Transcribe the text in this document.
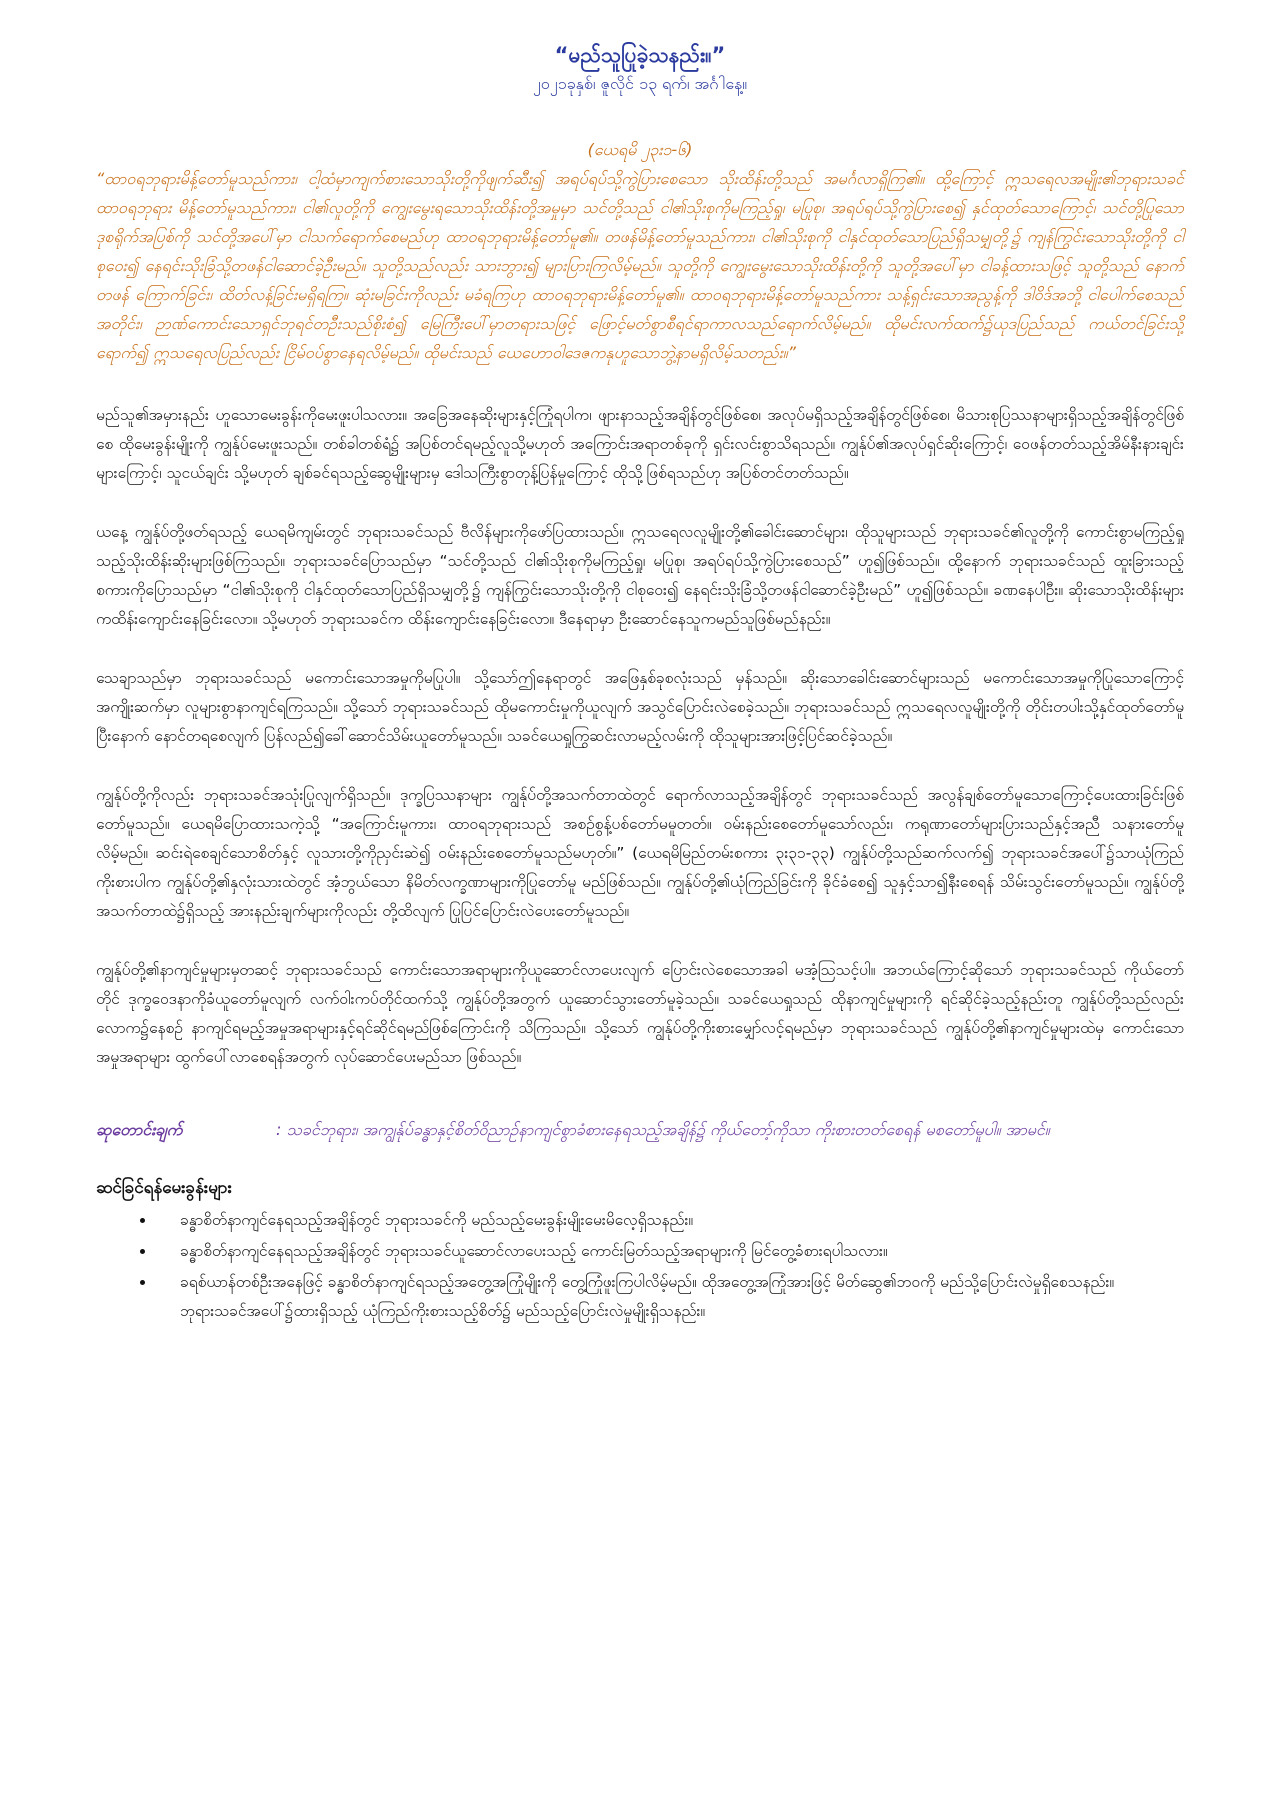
“မည်သူပြုခဲ့သနည်း။”
၂၀၂၁ခုနှစ်၊ ဇူလိုင် ၁၃ ရက်၊ အင်္ဂါနေ့။
(ယေရမိ ၂၃း၁-၆)

“ထာဝရဘုရားမိန့်တော်မူသည်ကား၊ ငါ့ထံမှာကျက်စားသောသိုးတို့ကိုဖျက်ဆီး၍ အရပ်ရပ်သို့ကွဲပြားစေသော သိုးထိန်းတို့သည် အမင်္ဂလာရှိကြ၏။ ထို့ကြောင့် ဣသရေလအမျိုး၏ဘုရားသခင်ထာဝရဘုရား မိန့်တော်မူသည်ကား၊ ငါ၏လူတို့ကို ကျွေးမွေးရသောသိုးထိန်းတို့အမှုမှာ သင်တို့သည် ငါ၏သိုးစုကိုမကြည့်ရှု၊ မပြုစု၊ အရပ်ရပ်သို့ကွဲပြားစေ၍ နှင်ထုတ်သောကြောင့်၊ သင်တို့ပြုသောဒုစရိုက်အပြစ်ကို သင်တို့အပေါ်မှာ ငါသက်ရောက်စေမည်ဟု ထာဝရဘုရားမိန့်တော်မူ၏။ တဖန်မိန့်တော်မူသည်ကား၊ ငါ၏သိုးစုကို ငါနှင်ထုတ်သောပြည်ရှိသမျှတို့၌ ကျန်ကြွင်းသောသိုးတို့ကို ငါစုဝေး၍ နေရင်းသိုးခြံသို့တဖန်ငါဆောင်ခဲ့ဦးမည်။ သူတို့သည်လည်း သားဘွား၍ များပြားကြလိမ့်မည်။ သူတို့ကို ကျွေးမွေးသောသိုးထိန်းတို့ကို သူတို့အပေါ်မှာ ငါခန့်ထားသဖြင့် သူတို့သည် နောက်တဖန် ကြောက်ခြင်း၊ ထိတ်လန့်ခြင်းမရှိရကြ။ ဆုံးမခြင်းကိုလည်း မခံရကြဟု ထာဝရဘုရားမိန့်တော်မူ၏။ ထာဝရဘုရားမိန့်တော်မူသည်ကား သန့်ရှင်းသောအညွန့်ကို ဒါဝိဒ်အဘို့ ငါပေါက်စေသည်အတိုင်း၊ ဉာဏ်ကောင်းသောရှင်ဘုရင်တဦးသည်စိုးစံ၍ မြေကြီးပေါ်မှာတရားသဖြင့် ဖြောင့်မတ်စွာစီရင်ရာကာလသည်ရောက်လိမ့်မည်။ ထိုမင်းလက်ထက်၌ယုဒပြည်သည် ကယ်တင်ခြင်းသို့ရောက်၍ ဣသရေလပြည်လည်း ငြိမ်ဝပ်စွာနေရလိမ့်မည်။ ထိုမင်းသည် ယေဟောဝါဒေဇကနုဟူသောဘွဲ့နာမရှိလိမ့်သတည်း။”

မည်သူ၏အမှားနည်း ဟူသောမေးခွန်းကိုမေးဖူးပါသလား။ အခြေအနေဆိုးများနှင့်ကြုံရပါက၊ ဖျားနာသည့်အချိန်တွင်ဖြစ်စေ၊ အလုပ်မရှိသည့်အချိန်တွင်ဖြစ်စေ၊ မိသားစုပြဿနာများရှိသည့်အချိန်တွင်ဖြစ်စေ ထိုမေးခွန်းမျိုးကို ကျွန်ုပ်မေးဖူးသည်။ တစ်ခါတစ်ရံ၌ အပြစ်တင်ရမည့်လူသို့မဟုတ် အကြောင်းအရာတစ်ခုကို ရှင်းလင်းစွာသိရသည်။ ကျွန်ုပ်၏အလုပ်ရှင်ဆိုးကြောင့်၊ ဝေဖန်တတ်သည့်အိမ်နီးနားချင်းများကြောင့်၊ သူငယ်ချင်း သို့မဟုတ် ချစ်ခင်ရသည့်ဆွေမျိုးများမှ ဒေါသကြီးစွာတုန့်ပြန်မှုကြောင့် ထိုသို့ဖြစ်ရသည်ဟု အပြစ်တင်တတ်သည်။

ယနေ့ ကျွန်ုပ်တို့ဖတ်ရသည့် ယေရမိကျမ်းတွင် ဘုရားသခင်သည် ဗီလိန်များကိုဖော်ပြထားသည်။ ဣသရေလလူမျိုးတို့၏ခေါင်းဆောင်များ၊ ထိုသူများသည် ဘုရားသခင်၏လူတို့ကို ကောင်းစွာမကြည့်ရှုသည့်သိုးထိန်းဆိုးများဖြစ်ကြသည်။ ဘုရားသခင်ပြောသည်မှာ “သင်တို့သည် ငါ၏သိုးစုကိုမကြည့်ရှု၊ မပြုစု၊ အရပ်ရပ်သို့ကွဲပြားစေသည်” ဟူ၍ဖြစ်သည်။ ထို့နောက် ဘုရားသခင်သည် ထူးခြားသည့်စကားကိုပြောသည်မှာ “ငါ၏သိုးစုကို ငါနှင်ထုတ်သောပြည်ရှိသမျှတို့၌ ကျန်ကြွင်းသောသိုးတို့ကို ငါစုဝေး၍ နေရင်းသိုးခြံသို့တဖန်ငါဆောင်ခဲ့ဦးမည်” ဟူ၍ဖြစ်သည်။ ခဏနေပါဦး။ ဆိုးသောသိုးထိန်းများကထိန်းကျောင်းနေခြင်းလော။ သို့မဟုတ် ဘုရားသခင်က ထိန်းကျောင်းနေခြင်းလော။ ဒီနေရာမှာ ဦးဆောင်နေသူကမည်သူဖြစ်မည်နည်း။

သေချာသည်မှာ ဘုရားသခင်သည် မကောင်းသောအမှုကိုမပြုပါ။ သို့သော်ဤနေရာတွင် အဖြေနှစ်ခုစလုံးသည် မှန်သည်။ ဆိုးသောခေါင်းဆောင်များသည် မကောင်းသောအမှုကိုပြုသောကြောင့် အကျိုးဆက်မှာ လူများစွာနာကျင်ရကြသည်။ သို့သော် ဘုရားသခင်သည် ထိုမကောင်းမှုကိုယူလျက် အသွင်ပြောင်းလဲစေခဲ့သည်။ ဘုရားသခင်သည် ဣသရေလလူမျိုးတို့ကို တိုင်းတပါးသို့နှင်ထုတ်တော်မူပြီးနောက် နောင်တရစေလျက် ပြန်လည်၍ခေါ်ဆောင်သိမ်းယူတော်မူသည်။ သခင်ယေရှုကြွဆင်းလာမည့်လမ်းကို ထိုသူများအားဖြင့်ပြင်ဆင်ခဲ့သည်။

ကျွန်ုပ်တို့ကိုလည်း ဘုရားသခင်အသုံးပြုလျက်ရှိသည်။ ဒုက္ခပြဿနာများ ကျွန်ုပ်တို့အသက်တာထဲတွင် ရောက်လာသည့်အချိန်တွင် ဘုရားသခင်သည် အလွန်ချစ်တော်မူသောကြောင့်ပေးထားခြင်းဖြစ်တော်မူသည်။ ယေရမိပြောထားသကဲ့သို့ “အကြောင်းမူကား၊ ထာဝရဘုရားသည် အစဉ်စွန့်ပစ်တော်မမူတတ်။ ဝမ်းနည်းစေတော်မူသော်လည်း၊ ကရုဏာတော်များပြားသည်နှင့်အညီ သနားတော်မူလိမ့်မည်။ ဆင်းရဲစေချင်သောစိတ်နှင့် လူသားတို့ကိုညှင်းဆဲ၍ ဝမ်းနည်းစေတော်မူသည်မဟုတ်။” (ယေရမိမြည်တမ်းစကား ၃း၃၁-၃၃) ကျွန်ုပ်တို့သည်ဆက်လက်၍ ဘုရားသခင်အပေါ်၌သာယုံကြည်ကိုးစားပါက ကျွန်ုပ်တို့၏နှလုံးသားထဲတွင် အံ့ဘွယ်သော နိမိတ်လက္ခဏာများကိုပြုတော်မူ မည်ဖြစ်သည်။ ကျွန်ုပ်တို့၏ယုံကြည်ခြင်းကို ခိုင်ခံစေ၍ သူနှင့်သာ၍နီးစေရန် သိမ်းသွင်းတော်မူသည်။ ကျွန်ုပ်တို့အသက်တာထဲ၌ရှိသည့် အားနည်းချက်များကိုလည်း တို့ထိလျက် ပြုပြင်ပြောင်းလဲပေးတော်မူသည်။

ကျွန်ုပ်တို့၏နာကျင်မှုများမှတဆင့် ဘုရားသခင်သည် ကောင်းသောအရာများကိုယူဆောင်လာပေးလျက် ပြောင်းလဲစေသောအခါ မအံ့ဩသင့်ပါ။ အဘယ်ကြောင့်ဆိုသော် ဘုရားသခင်သည် ကိုယ်တော်တိုင် ဒုက္ခဝေဒနာကိုခံယူတော်မူလျက် လက်ဝါးကပ်တိုင်ထက်သို့ ကျွန်ုပ်တို့အတွက် ယူဆောင်သွားတော်မူခဲ့သည်။ သခင်ယေရှုသည် ထိုနာကျင်မှုများကို ရင်ဆိုင်ခဲ့သည့်နည်းတူ ကျွန်ုပ်တို့သည်လည်း လောက၌နေစဉ် နာကျင်ရမည့်အမှုအရာများနှင့်ရင်ဆိုင်ရမည်ဖြစ်ကြောင်းကို သိကြသည်။ သို့သော် ကျွန်ုပ်တို့ကိုးစားမျှော်လင့်ရမည်မှာ ဘုရားသခင်သည် ကျွန်ုပ်တို့၏နာကျင်မှုများထဲမှ ကောင်းသောအမှုအရာများ ထွက်ပေါ်လာစေရန်အတွက် လုပ်ဆောင်ပေးမည်သာ ဖြစ်သည်။

ဆုတောင်းချက်	: သခင်ဘုရား၊ အကျွန်ုပ်ခန္ဓာနှင့်စိတ်ဝိညာဉ်နာကျင်စွာခံစားနေရသည့်အချိန်၌ ကိုယ်တော့်ကိုသာ ကိုးစားတတ်စေရန် မစတော်မူပါ။ အာမင်။
ဆင်ခြင်ရန်မေးခွန်းများ
• ခန္ဓာစိတ်နာကျင်နေရသည့်အချိန်တွင် ဘုရားသခင်ကို မည်သည့်မေးခွန်းမျိုးမေးမိလေ့ရှိသနည်း။
• ခန္ဓာစိတ်နာကျင်နေရသည့်အချိန်တွင် ဘုရားသခင်ယူဆောင်လာပေးသည့် ကောင်းမြတ်သည့်အရာများကို မြင်တွေ့ခံစားရပါသလား။
• ခရစ်ယာန်တစ်ဦးအနေဖြင့် ခန္ဓာစိတ်နာကျင်ရသည့်အတွေ့အကြုံမျိုးကို တွေ့ကြုံဖူးကြပါလိမ့်မည်။ ထိုအတွေ့အကြုံအားဖြင့် မိတ်ဆွေ၏ဘဝကို မည်သို့ပြောင်းလဲမှုရှိစေသနည်း။ ဘုရားသခင်အပေါ်၌ထားရှိသည့် ယုံကြည်ကိုးစားသည့်စိတ်၌ မည်သည့်ပြောင်းလဲမှုမျိုးရှိသနည်း။
